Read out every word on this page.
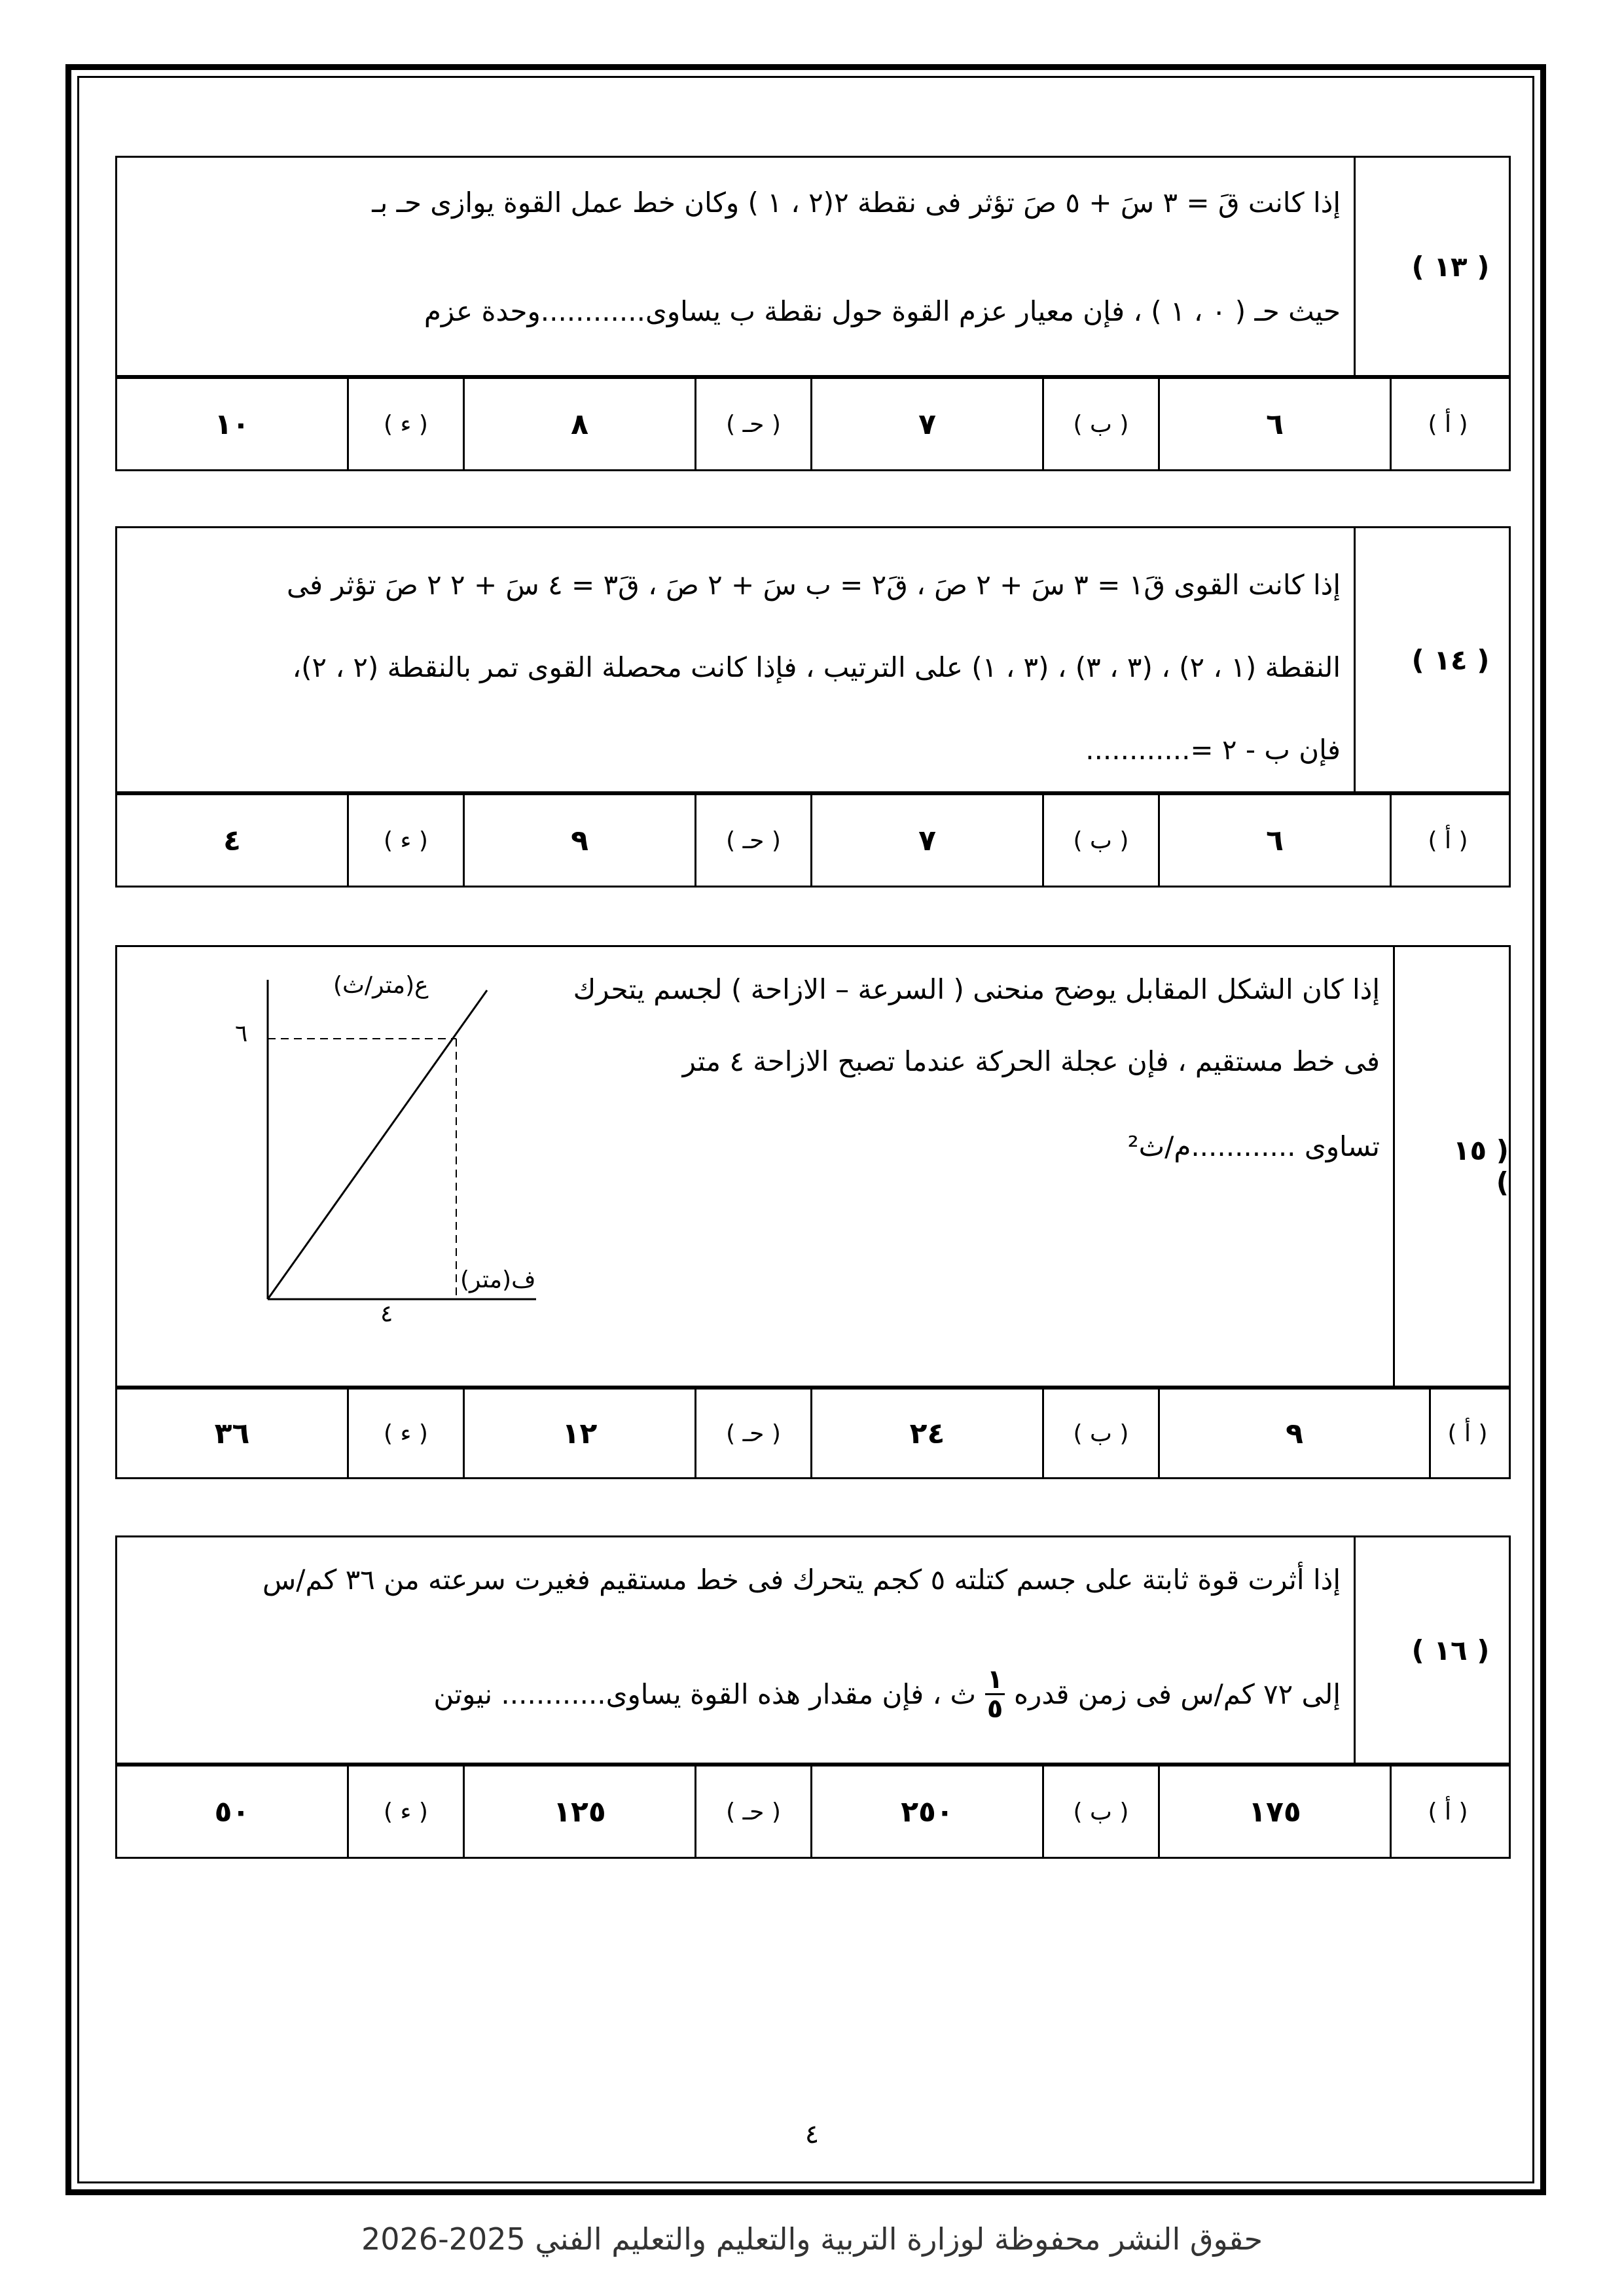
إذا كانت قَ = ٣ سَ + ٥ صَ تؤثر فى نقطة ٢(٢ ، ١ ) وكان خط عمل القوة يوازى حـ بـ
حيث حـ ( ٠ ، ١ ) ، فإن معيار عزم القوة حول نقطة ب يساوى............وحدة عزم
( ١٣ )
١٠	( ء )	٨	( حـ )	٧	( ب )	٦	( أ )
إذا كانت القوى قَ١ = ٣ سَ + ٢ صَ ، قَ٢ = ب سَ + ٢ صَ ، قَ٣ = ٤ سَ + ٢ ٢ صَ تؤثر فى
النقطة (١ ، ٢) ، (٣ ، ٣) ، (٣ ، ١) على الترتيب ، فإذا كانت محصلة القوى تمر بالنقطة (٢ ، ٢)،
فإن ب - ٢ =............
( ١٤ )
٤	( ء )	٩	( حـ )	٧	( ب )	٦	( أ )
إذا كان الشكل المقابل يوضح منحنى ( السرعة – الازاحة ) لجسم يتحرك
فى خط مستقيم ، فإن عجلة الحركة عندما تصبح الازاحة ٤ متر
تساوى ............م/ث²
ع(متر/ث)
ف(متر)
٦
٤
( ١٥ )
٣٦	( ء )	١٢	( حـ )	٢٤	( ب )	٩	( أ )
إذا أثرت قوة ثابتة على جسم كتلته ٥ كجم يتحرك فى خط مستقيم فغيرت سرعته من ٣٦ كم/س
إلى ٧٢ كم/س فى زمن قدره
١
٥
ث ، فإن مقدار هذه القوة يساوى............ نيوتن
( ١٦ )
٥٠	( ء )	١٢٥	( حـ )	٢٥٠	( ب )	١٧٥	( أ )
٤
حقوق النشر محفوظة لوزارة التربية والتعليم والتعليم الفني 2025-2026
